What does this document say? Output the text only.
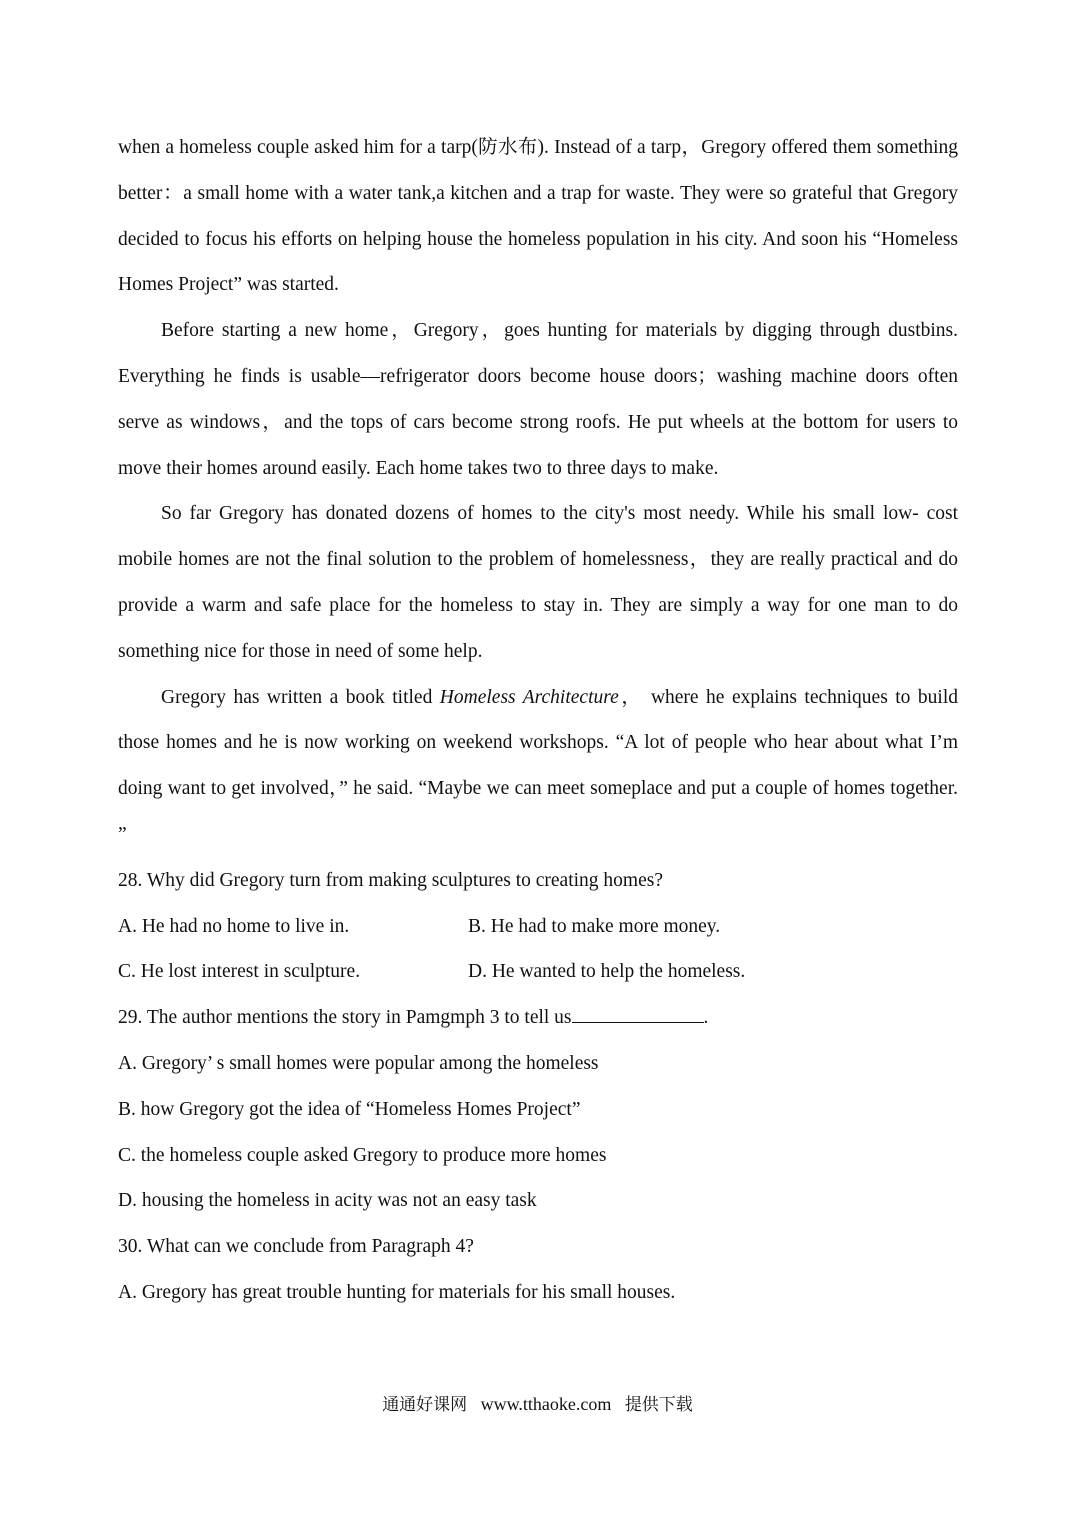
when a homeless couple asked him for a tarp(防水布). Instead of a tarp，Gregory offered them something better：a small home with a water tank,a kitchen and a trap for waste. They were so grateful that Gregory decided to focus his efforts on helping house the homeless population in his city. And soon his “Homeless Homes Project” was started.

Before starting a new home，Gregory，goes hunting for materials by digging through dustbins. Everything he finds is usable—refrigerator doors become house doors；washing machine doors often serve as windows，and the tops of cars become strong roofs. He put wheels at the bottom for users to move their homes around easily. Each home takes two to three days to make.

So far Gregory has donated dozens of homes to the city's most needy. While his small low- cost mobile homes are not the final solution to the problem of homelessness，they are really practical and do provide a warm and safe place for the homeless to stay in. They are simply a way for one man to do something nice for those in need of some help.

Gregory has written a book titled Homeless Architecture， where he explains techniques to build those homes and he is now working on weekend workshops. “A lot of people who hear about what I’m doing want to get involved，” he said. “Maybe we can meet someplace and put a couple of homes together. ”

28. Why did Gregory turn from making sculptures to creating homes?

A. He had no home to live in.	B. He had to make more money.
C. He lost interest in sculpture.	D. He wanted to help the homeless.

29. The author mentions the story in Pamgmph 3 to tell us	.

A. Gregory’ s small homes were popular among the homeless

B. how Gregory got the idea of “Homeless Homes Project”

C. the homeless couple asked Gregory to produce more homes

D. housing the homeless in acity was not an easy task

30. What can we conclude from Paragraph 4?

A. Gregory has great trouble hunting for materials for his small houses.

通通好课网 www.tthaoke.com 提供下载
